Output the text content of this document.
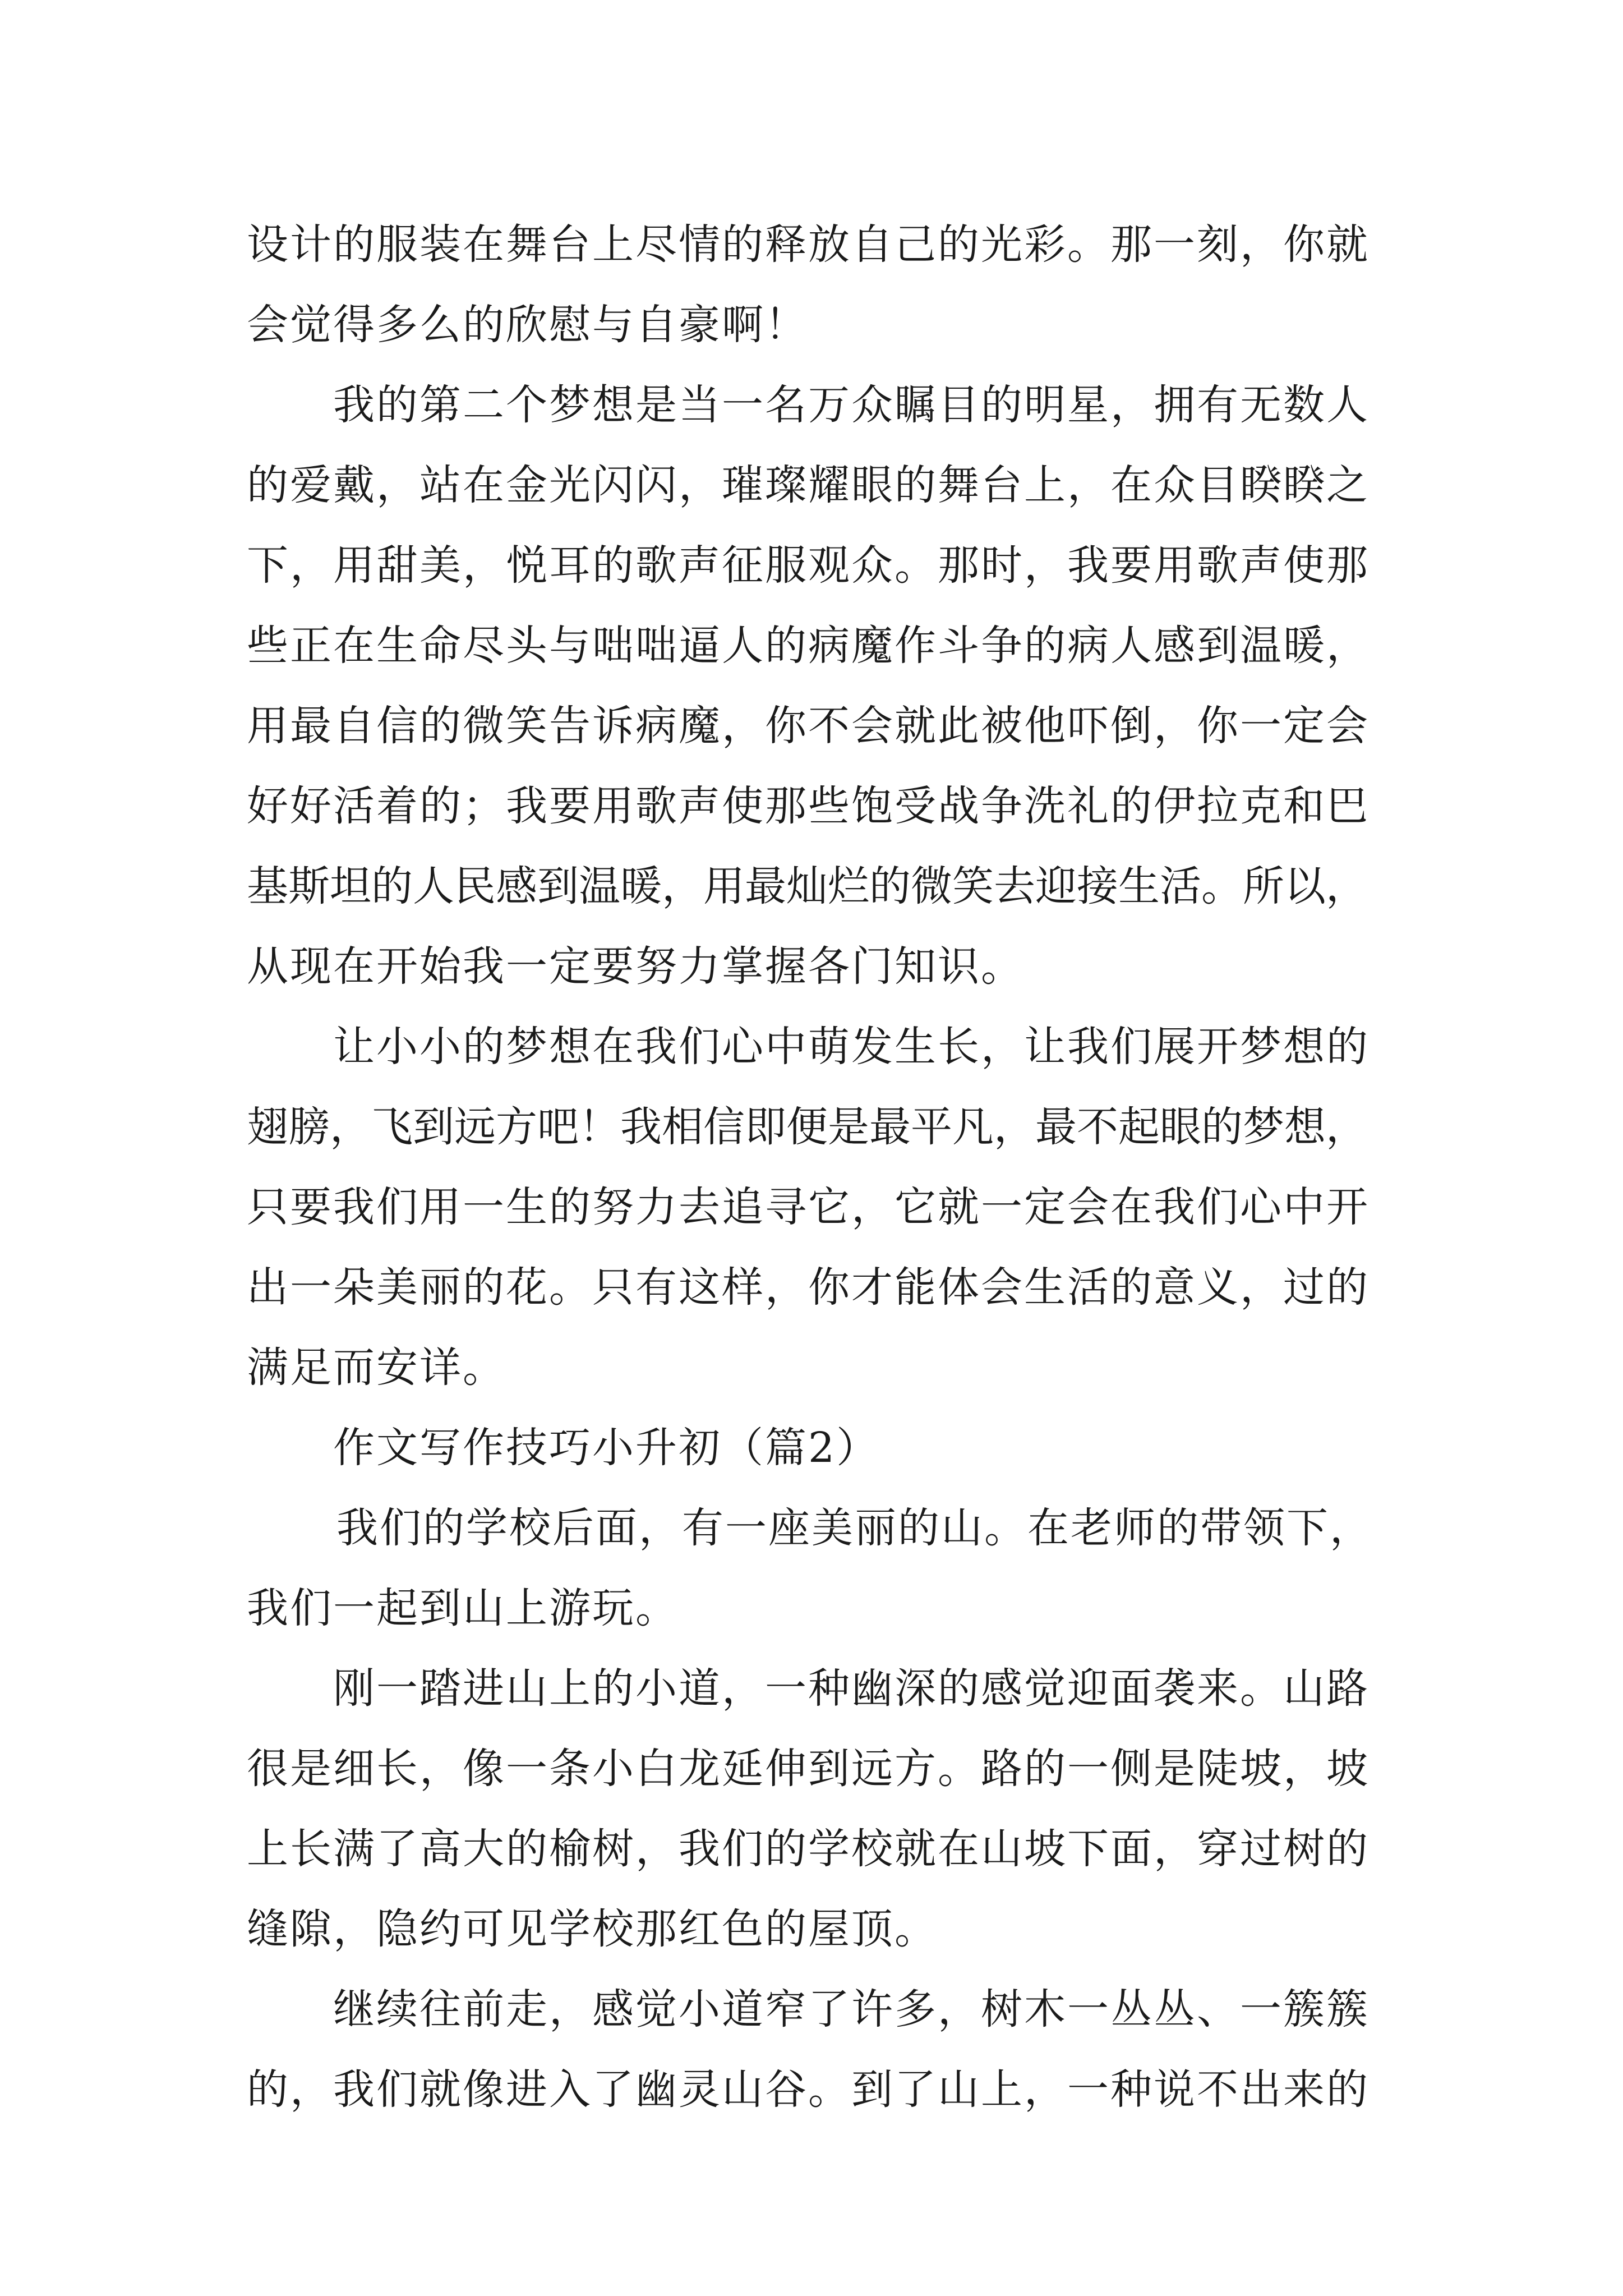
设计的服装在舞台上尽情的释放自己的光彩。那一刻，你就
会觉得多么的欣慰与自豪啊！
我的第二个梦想是当一名万众瞩目的明星，拥有无数人
的爱戴，站在金光闪闪，璀璨耀眼的舞台上，在众目睽睽之
下，用甜美，悦耳的歌声征服观众。那时，我要用歌声使那
些正在生命尽头与咄咄逼人的病魔作斗争的病人感到温暖，
用最自信的微笑告诉病魔，你不会就此被他吓倒，你一定会
好好活着的；我要用歌声使那些饱受战争洗礼的伊拉克和巴
基斯坦的人民感到温暖，用最灿烂的微笑去迎接生活。所以，
从现在开始我一定要努力掌握各门知识。
让小小的梦想在我们心中萌发生长，让我们展开梦想的
翅膀，飞到远方吧！我相信即便是最平凡，最不起眼的梦想，
只要我们用一生的努力去追寻它，它就一定会在我们心中开
出一朵美丽的花。只有这样，你才能体会生活的意义，过的
满足而安详。
作文写作技巧小升初（篇2）
我们的学校后面，有一座美丽的山。在老师的带领下，
我们一起到山上游玩。
刚一踏进山上的小道，一种幽深的感觉迎面袭来。山路
很是细长，像一条小白龙延伸到远方。路的一侧是陡坡，坡
上长满了高大的榆树，我们的学校就在山坡下面，穿过树的
缝隙，隐约可见学校那红色的屋顶。
继续往前走，感觉小道窄了许多，树木一丛丛、一簇簇
的，我们就像进入了幽灵山谷。到了山上，一种说不出来的
